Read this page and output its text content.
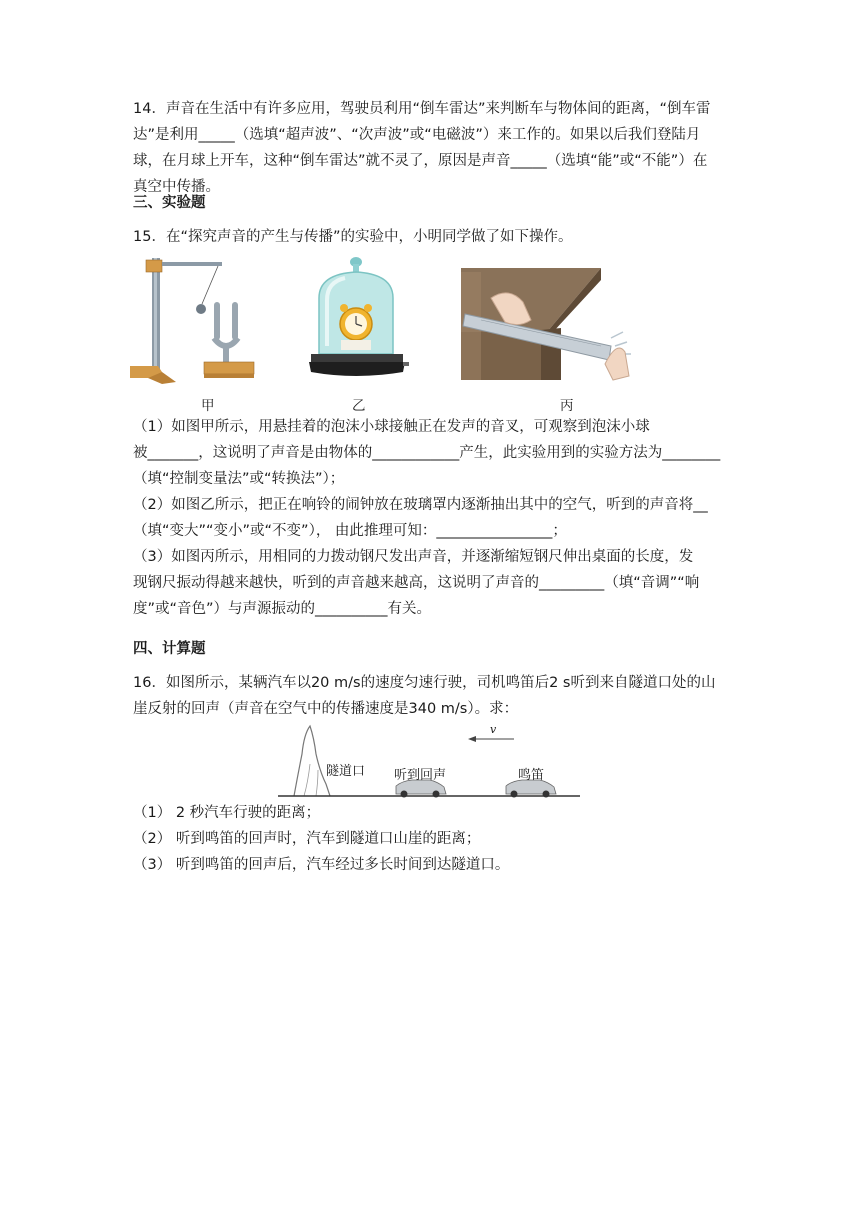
14．声音在生活中有许多应用，驾驶员利用“倒车雷达”来判断车与物体间的距离，“倒车雷

达”是利用_____（选填“超声波”、“次声波”或“电磁波”）来工作的。如果以后我们登陆月

球，在月球上开车，这种“倒车雷达”就不灵了，原因是声音_____（选填“能”或“不能”）在

真空中传播。

三、实验题

15．在“探究声音的产生与传播”的实验中，小明同学做了如下操作。

甲	乙	丙

（1）如图甲所示，用悬挂着的泡沫小球接触正在发声的音叉，可观察到泡沫小球

被_______，这说明了声音是由物体的____________产生，此实验用到的实验方法为________

（填“控制变量法”或“转换法”）；

（2）如图乙所示，把正在响铃的闹钟放在玻璃罩内逐渐抽出其中的空气，听到的声音将__

（填“变大”“变小”或“不变”）， 由此推理可知：________________；

（3）如图丙所示，用相同的力拨动钢尺发出声音，并逐渐缩短钢尺伸出桌面的长度，发

现钢尺振动得越来越快，听到的声音越来越高，这说明了声音的_________（填“音调”“响

度”或“音色”）与声源振动的__________有关。

四、计算题

16．如图所示，某辆汽车以20 m/s的速度匀速行驶，司机鸣笛后2 s听到来自隧道口处的山

崖反射的回声（声音在空气中的传播速度是340 m/s）。求：

v
隧道口 听到回声	鸣笛

（1） 2 秒汽车行驶的距离；

（2） 听到鸣笛的回声时，汽车到隧道口山崖的距离；

（3） 听到鸣笛的回声后，汽车经过多长时间到达隧道口。
